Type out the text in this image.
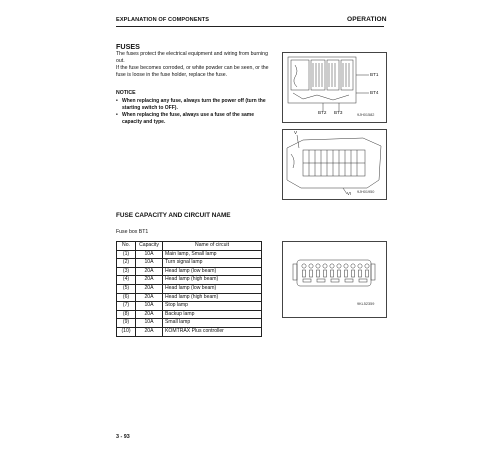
EXPLANATION OF COMPONENTS	OPERATION
FUSES
The fuses protect the electrical equipment and wiring from burning out.
If the fuse becomes corroded, or white powder can be seen, or the fuse is loose in the fuse holder, replace the fuse.
NOTICE
• When replacing any fuse, always turn the power off (turn the starting switch to OFF).
• When replacing the fuse, always use a fuse of the same capacity and type.
BT1
BT4
BT2 BT3	9JH01582
V
VI 9JH01950
FUSE CAPACITY AND CIRCUIT NAME
Fuse box BT1
No.	Capacity	Name of circuit
(1)	10A	Main lamp, Small lamp
(2)	10A	Turn signal lamp
(3)	20A	Head lamp (low beam)
(4)	20A	Head lamp (high beam)
(5)	20A	Head lamp (low beam)
(6)	20A	Head lamp (high beam)
(7)	10A	Stop lamp
(8)	20A	Backup lamp
(9)	10A	Small lamp
(10)	20A	KOMTRAX Plus controller
9KL52359
3 - 93
